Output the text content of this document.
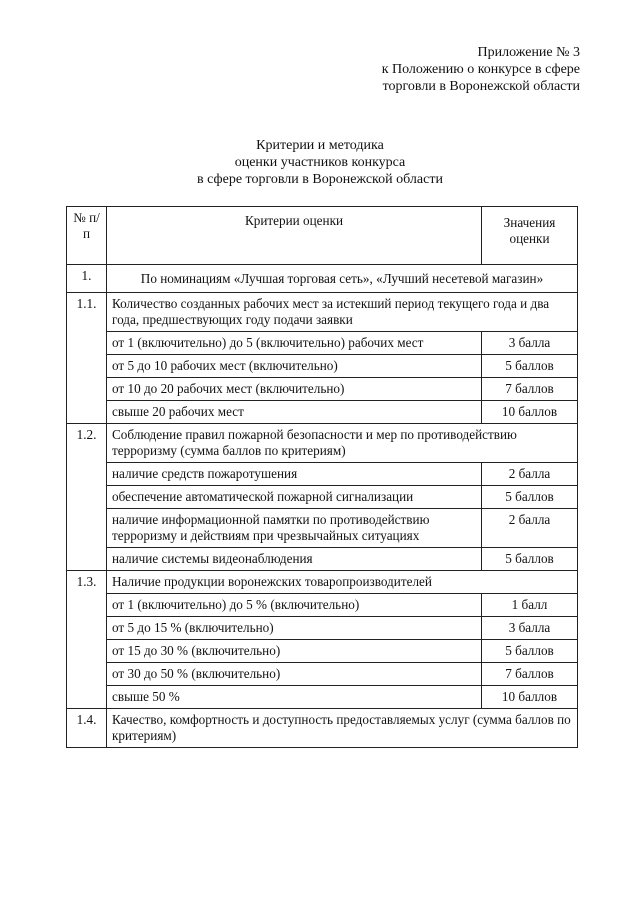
Приложение № 3
к Положению о конкурсе в сфере
торговли в Воронежской области
Критерии и методика
оценки участников конкурса
в сфере торговли в Воронежской области
№ п/п	Критерии оценки	Значения оценки
1.	По номинациям «Лучшая торговая сеть», «Лучший несетевой магазин»	
1.1.	Количество созданных рабочих мест за истекший период текущего года и два года, предшествующих году подачи заявки	
	от 1 (включительно) до 5 (включительно) рабочих мест	3 балла
	от 5 до 10 рабочих мест (включительно)	5 баллов
	от 10 до 20 рабочих мест (включительно)	7 баллов
	свыше 20 рабочих мест	10 баллов
1.2.	Соблюдение правил пожарной безопасности и мер по противодействию терроризму (сумма баллов по критериям)	
	наличие средств пожаротушения	2 балла
	обеспечение автоматической пожарной сигнализации	5 баллов
	наличие информационной памятки по противодействию терроризму и действиям при чрезвычайных ситуациях	2 балла
	наличие системы видеонаблюдения	5 баллов
1.3.	Наличие продукции воронежских товаропроизводителей	
	от 1 (включительно) до 5 % (включительно)	1 балл
	от 5 до 15 % (включительно)	3 балла
	от 15 до 30 % (включительно)	5 баллов
	от 30 до 50 % (включительно)	7 баллов
	свыше 50 %	10 баллов
1.4.	Качество, комфортность и доступность предоставляемых услуг (сумма баллов по критериям)	
